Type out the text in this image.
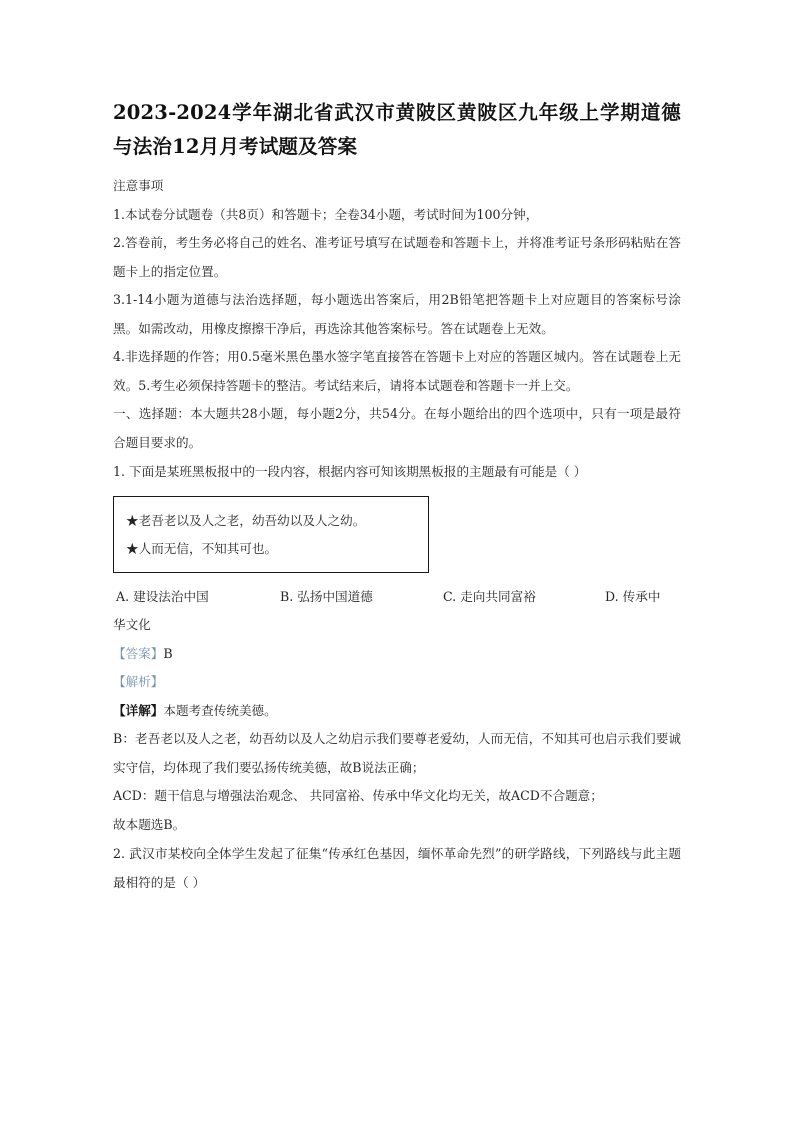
2023-2024学年湖北省武汉市黄陂区黄陂区九年级上学期道德与法治12月月考试题及答案

注意事项

1.本试卷分试题卷（共8页）和答题卡；全卷34小题，考试时间为100分钟，

2.答卷前，考生务必将自己的姓名、准考证号填写在试题卷和答题卡上，并将准考证号条形码粘贴在答题卡上的指定位置。

3.1-14小题为道德与法治选择题，每小题选出答案后，用2B铅笔把答题卡上对应题目的答案标号涂黑。如需改动，用橡皮擦擦干净后，再选涂其他答案标号。答在试题卷上无效。

4.非选择题的作答；用0.5毫米黑色墨水签字笔直接答在答题卡上对应的答题区城内。答在试题卷上无效。5.考生必须保持答题卡的整洁。考试结来后，请将本试题卷和答题卡一并上交。

一、选择题：本大题共28小题，每小题2分，共54分。在每小题给出的四个选项中，只有一项是最符合题目要求的。

1. 下面是某班黑板报中的一段内容，根据内容可知该期黑板报的主题最有可能是（ ）

★老吾老以及人之老，幼吾幼以及人之幼。

★人而无信，不知其可也。

A. 建设法治中国	B. 弘扬中国道德	C. 走向共同富裕	D. 传承中

华文化

【答案】B

【解析】

【详解】本题考查传统美德。

B：老吾老以及人之老，幼吾幼以及人之幼启示我们要尊老爱幼，人而无信，不知其可也启示我们要诚实守信，均体现了我们要弘扬传统美德，故B说法正确；

ACD：题干信息与增强法治观念、 共同富裕、传承中华文化均无关，故ACD不合题意；

故本题选B。

2. 武汉市某校向全体学生发起了征集“传承红色基因，缅怀革命先烈”的研学路线，下列路线与此主题最相符的是（ ）
